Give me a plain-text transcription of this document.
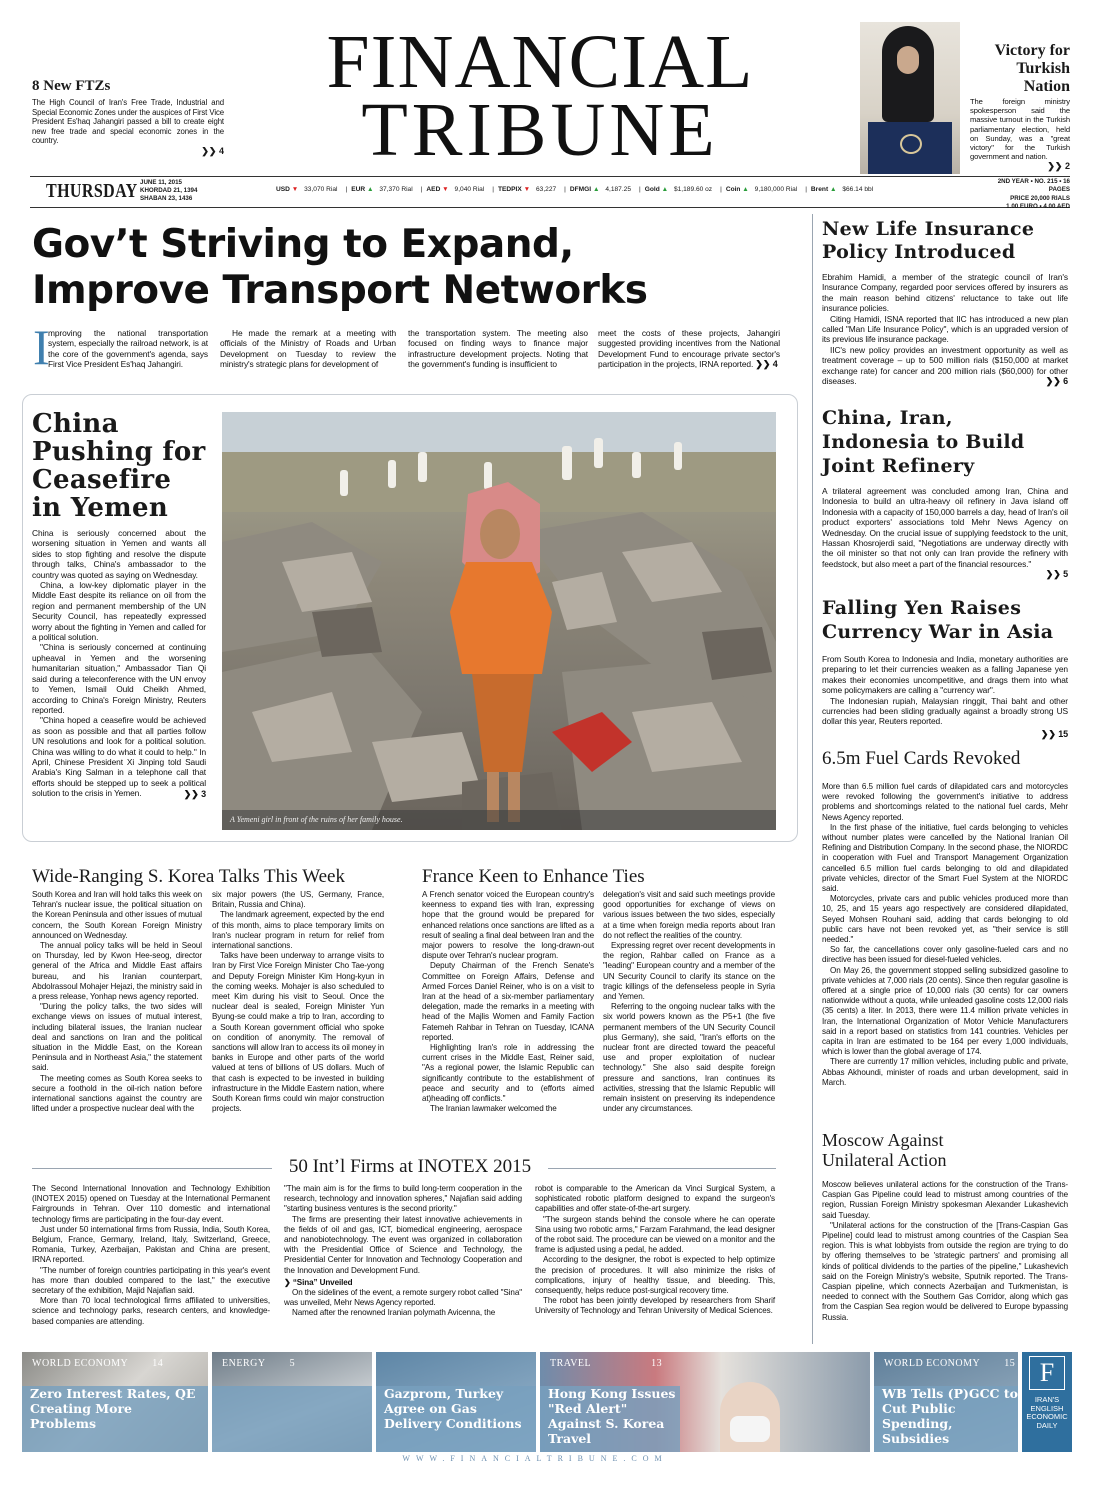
8 New FTZs
The High Council of Iran's Free Trade, Industrial and Special Economic Zones under the auspices of First Vice President Es'haq Jahangiri passed a bill to create eight new free trade and special economic zones in the country.
❯❯ 4
FINANCIAL
TRIBUNE
Victory for
Turkish
Nation
The foreign ministry spokesperson said the massive turnout in the Turkish parliamentary election, held on Sunday, was a "great victory" for the Turkish government and nation.
❯❯ 2
THURSDAY JUNE 11, 2015
KHORDAD 21, 1394
SHABAN 23, 1436
USD ▼ 33,070 Rial | EUR ▲ 37,370 Rial | AED ▼ 9,040 Rial | TEDPIX ▼ 63,227 | DFMGI ▲ 4,187.25 | Gold ▲ $1,189.60 oz | Coin ▲ 9,180,000 Rial | Brent ▲ $66.14 bbl
2ND YEAR • NO. 215 • 16 PAGES
PRICE 20,000 RIALS
1.00 EURO • 4.00 AED
Gov’t Striving to Expand,
Improve Transport Networks
I
mproving the national transportation system, especially the railroad network, is at the core of the government's agenda, says First Vice President Es'haq Jahangiri.
He made the remark at a meeting with officials of the Ministry of Roads and Urban Development on Tuesday to review the ministry's strategic plans for development of
the transportation system. The meeting also focused on finding ways to finance major infrastructure development projects. Noting that the government's funding is insufficient to
meet the costs of these projects, Jahangiri suggested providing incentives from the National Development Fund to encourage private sector's participation in the projects, IRNA reported. ❯❯ 4
China
Pushing for
Ceasefire
in Yemen

China is seriously concerned about the worsening situation in Yemen and wants all sides to stop fighting and resolve the dispute through talks, China's ambassador to the country was quoted as saying on Wednesday.

China, a low-key diplomatic player in the Middle East despite its reliance on oil from the region and permanent membership of the UN Security Council, has repeatedly expressed worry about the fighting in Yemen and called for a political solution.

"China is seriously concerned at continuing upheaval in Yemen and the worsening humanitarian situation," Ambassador Tian Qi said during a teleconference with the UN envoy to Yemen, Ismail Ould Cheikh Ahmed, according to China's Foreign Ministry, Reuters reported.

"China hoped a ceasefire would be achieved as soon as possible and that all parties follow UN resolutions and look for a political solution. China was willing to do what it could to help." In April, Chinese President Xi Jinping told Saudi Arabia's King Salman in a telephone call that efforts should be stepped up to seek a political solution to the crisis in Yemen.	❯❯ 3
A Yemeni girl in front of the ruins of her family house.
New Life Insurance
Policy Introduced

Ebrahim Hamidi, a member of the strategic council of Iran's Insurance Company, regarded poor services offered by insurers as the main reason behind citizens' reluctance to take out life insurance policies.

Citing Hamidi, ISNA reported that IIC has introduced a new plan called "Man Life Insurance Policy", which is an upgraded version of its previous life insurance package.

IIC's new policy provides an investment opportunity as well as treatment coverage – up to 500 million rials ($150,000 at market exchange rate) for cancer and 200 million rials ($60,000) for other diseases.	❯❯ 6
China, Iran,
Indonesia to Build
Joint Refinery

A trilateral agreement was concluded among Iran, China and Indonesia to build an ultra-heavy oil refinery in Java island off Indonesia with a capacity of 150,000 barrels a day, head of Iran's oil product exporters' associations told Mehr News Agency on Wednesday. On the crucial issue of supplying feedstock to the unit, Hassan Khosrojerdi said, "Negotiations are underway directly with the oil minister so that not only can Iran provide the refinery with feedstock, but also meet a part of the financial resources."

❯❯ 5
Falling Yen Raises
Currency War in Asia

From South Korea to Indonesia and India, monetary authorities are preparing to let their currencies weaken as a falling Japanese yen makes their economies uncompetitive, and drags them into what some policymakers are calling a "currency war".

The Indonesian rupiah, Malaysian ringgit, Thai baht and other currencies had been sliding gradually against a broadly strong US dollar this year, Reuters reported.

❯❯ 15
6.5m Fuel Cards Revoked

More than 6.5 million fuel cards of dilapidated cars and motorcycles were revoked following the government's initiative to address problems and shortcomings related to the national fuel cards, Mehr News Agency reported.

In the first phase of the initiative, fuel cards belonging to vehicles without number plates were cancelled by the National Iranian Oil Refining and Distribution Company. In the second phase, the NIORDC in cooperation with Fuel and Transport Management Organization cancelled 6.5 million fuel cards belonging to old and dilapidated private vehicles, director of the Smart Fuel System at the NIORDC said.

Motorcycles, private cars and public vehicles produced more than 10, 25, and 15 years ago respectively are considered dilapidated, Seyed Mohsen Rouhani said, adding that cards belonging to old public cars have not been revoked yet, as "their service is still needed."

So far, the cancellations cover only gasoline-fueled cars and no directive has been issued for diesel-fueled vehicles.

On May 26, the government stopped selling subsidized gasoline to private vehicles at 7,000 rials (20 cents). Since then regular gasoline is offered at a single price of 10,000 rials (30 cents) for car owners nationwide without a quota, while unleaded gasoline costs 12,000 rials (35 cents) a liter. In 2013, there were 11.4 million private vehicles in Iran, the International Organization of Motor Vehicle Manufacturers said in a report based on statistics from 141 countries. Vehicles per capita in Iran are estimated to be 164 per every 1,000 individuals, which is lower than the global average of 174.

There are currently 17 million vehicles, including public and private, Abbas Akhoundi, minister of roads and urban development, said in March.

Moscow Against
Unilateral Action

Moscow believes unilateral actions for the construction of the Trans-Caspian Gas Pipeline could lead to mistrust among countries of the region, Russian Foreign Ministry spokesman Alexander Lukashevich said Tuesday.

"Unilateral actions for the construction of the [Trans-Caspian Gas Pipeline] could lead to mistrust among countries of the Caspian Sea region. This is what lobbyists from outside the region are trying to do by offering themselves to be 'strategic partners' and promising all kinds of political dividends to the parties of the pipeline," Lukashevich said on the Foreign Ministry's website, Sputnik reported. The Trans-Caspian pipeline, which connects Azerbaijan and Turkmenistan, is needed to connect with the Southern Gas Corridor, along which gas from the Caspian Sea region would be delivered to Europe bypassing Russia.

Wide-Ranging S. Korea Talks This Week

South Korea and Iran will hold talks this week on Tehran's nuclear issue, the political situation on the Korean Peninsula and other issues of mutual concern, the South Korean Foreign Ministry announced on Wednesday.

The annual policy talks will be held in Seoul on Thursday, led by Kwon Hee-seog, director general of the Africa and Middle East affairs bureau, and his Iranian counterpart, Abdolrassoul Mohajer Hejazi, the ministry said in a press release, Yonhap news agency reported.

"During the policy talks, the two sides will exchange views on issues of mutual interest, including bilateral issues, the Iranian nuclear deal and sanctions on Iran and the political situation in the Middle East, on the Korean Peninsula and in Northeast Asia," the statement said.

The meeting comes as South Korea seeks to secure a foothold in the oil-rich nation before international sanctions against the country are lifted under a prospective nuclear deal with the

six major powers (the US, Germany, France, Britain, Russia and China).

The landmark agreement, expected by the end of this month, aims to place temporary limits on Iran's nuclear program in return for relief from international sanctions.

Talks have been underway to arrange visits to Iran by First Vice Foreign Minister Cho Tae-yong and Deputy Foreign Minister Kim Hong-kyun in the coming weeks. Mohajer is also scheduled to meet Kim during his visit to Seoul. Once the nuclear deal is sealed, Foreign Minister Yun Byung-se could make a trip to Iran, according to a South Korean government official who spoke on condition of anonymity. The removal of sanctions will allow Iran to access its oil money in banks in Europe and other parts of the world valued at tens of billions of US dollars. Much of that cash is expected to be invested in building infrastructure in the Middle Eastern nation, where South Korean firms could win major construction projects.

France Keen to Enhance Ties

A French senator voiced the European country's keenness to expand ties with Iran, expressing hope that the ground would be prepared for enhanced relations once sanctions are lifted as a result of sealing a final deal between Iran and the major powers to resolve the long-drawn-out dispute over Tehran's nuclear program.

Deputy Chairman of the French Senate's Committee on Foreign Affairs, Defense and Armed Forces Daniel Reiner, who is on a visit to Iran at the head of a six-member parliamentary delegation, made the remarks in a meeting with head of the Majlis Women and Family Faction Fatemeh Rahbar in Tehran on Tuesday, ICANA reported.

Highlighting Iran's role in addressing the current crises in the Middle East, Reiner said, "As a regional power, the Islamic Republic can significantly contribute to the establishment of peace and security and to (efforts aimed at)heading off conflicts."

The Iranian lawmaker welcomed the

delegation's visit and said such meetings provide good opportunities for exchange of views on various issues between the two sides, especially at a time when foreign media reports about Iran do not reflect the realities of the country.

Expressing regret over recent developments in the region, Rahbar called on France as a "leading" European country and a member of the UN Security Council to clarify its stance on the tragic killings of the defenseless people in Syria and Yemen.

Referring to the ongoing nuclear talks with the six world powers known as the P5+1 (the five permanent members of the UN Security Council plus Germany), she said, "Iran's efforts on the nuclear front are directed toward the peaceful use and proper exploitation of nuclear technology." She also said despite foreign pressure and sanctions, Iran continues its activities, stressing that the Islamic Republic will remain insistent on preserving its independence under any circumstances.

50 Int’l Firms at INOTEX 2015

The Second International Innovation and Technology Exhibition (INOTEX 2015) opened on Tuesday at the International Permanent Fairgrounds in Tehran. Over 110 domestic and international technology firms are participating in the four-day event.

Just under 50 international firms from Russia, India, South Korea, Belgium, France, Germany, Ireland, Italy, Switzerland, Greece, Romania, Turkey, Azerbaijan, Pakistan and China are present, IRNA reported.

"The number of foreign countries participating in this year's event has more than doubled compared to the last," the executive secretary of the exhibition, Majid Najafian said.

More than 70 local technological firms affiliated to universities, science and technology parks, research centers, and knowledge-based companies are attending.

"The main aim is for the firms to build long-term cooperation in the research, technology and innovation spheres," Najafian said adding "starting business ventures is the second priority."

The firms are presenting their latest innovative achievements in the fields of oil and gas, ICT, biomedical engineering, aerospace and nanobiotechnology. The event was organized in collaboration with the Presidential Office of Science and Technology, the Presidential Center for Innovation and Technology Cooperation and the Innovation and Development Fund.

❯ “Sina” Unveiled

On the sidelines of the event, a remote surgery robot called "Sina" was unveiled, Mehr News Agency reported.

Named after the renowned Iranian polymath Avicenna, the

robot is comparable to the American da Vinci Surgical System, a sophisticated robotic platform designed to expand the surgeon's capabilities and offer state-of-the-art surgery.

"The surgeon stands behind the console where he can operate Sina using two robotic arms," Farzam Farahmand, the lead designer of the robot said. The procedure can be viewed on a monitor and the frame is adjusted using a pedal, he added.

According to the designer, the robot is expected to help optimize the precision of procedures. It will also minimize the risks of complications, injury of healthy tissue, and bleeding. This, consequently, helps reduce post-surgical recovery time.

The robot has been jointly developed by researchers from Sharif University of Technology and Tehran University of Medical Sciences.

WORLD ECONOMY 14
Zero Interest Rates, QE Creating More Problems
ENERGY 5
Gazprom, Turkey Agree on Gas Delivery Conditions
TRAVEL	13
Hong Kong Issues "Red Alert" Against S. Korea Travel
WORLD ECONOMY 15
WB Tells (P)GCC to Cut Public Spending, Subsidies
F
IRAN'S
ENGLISH
ECONOMIC
DAILY
WWW.FINANCIALTRIBUNE.COM
